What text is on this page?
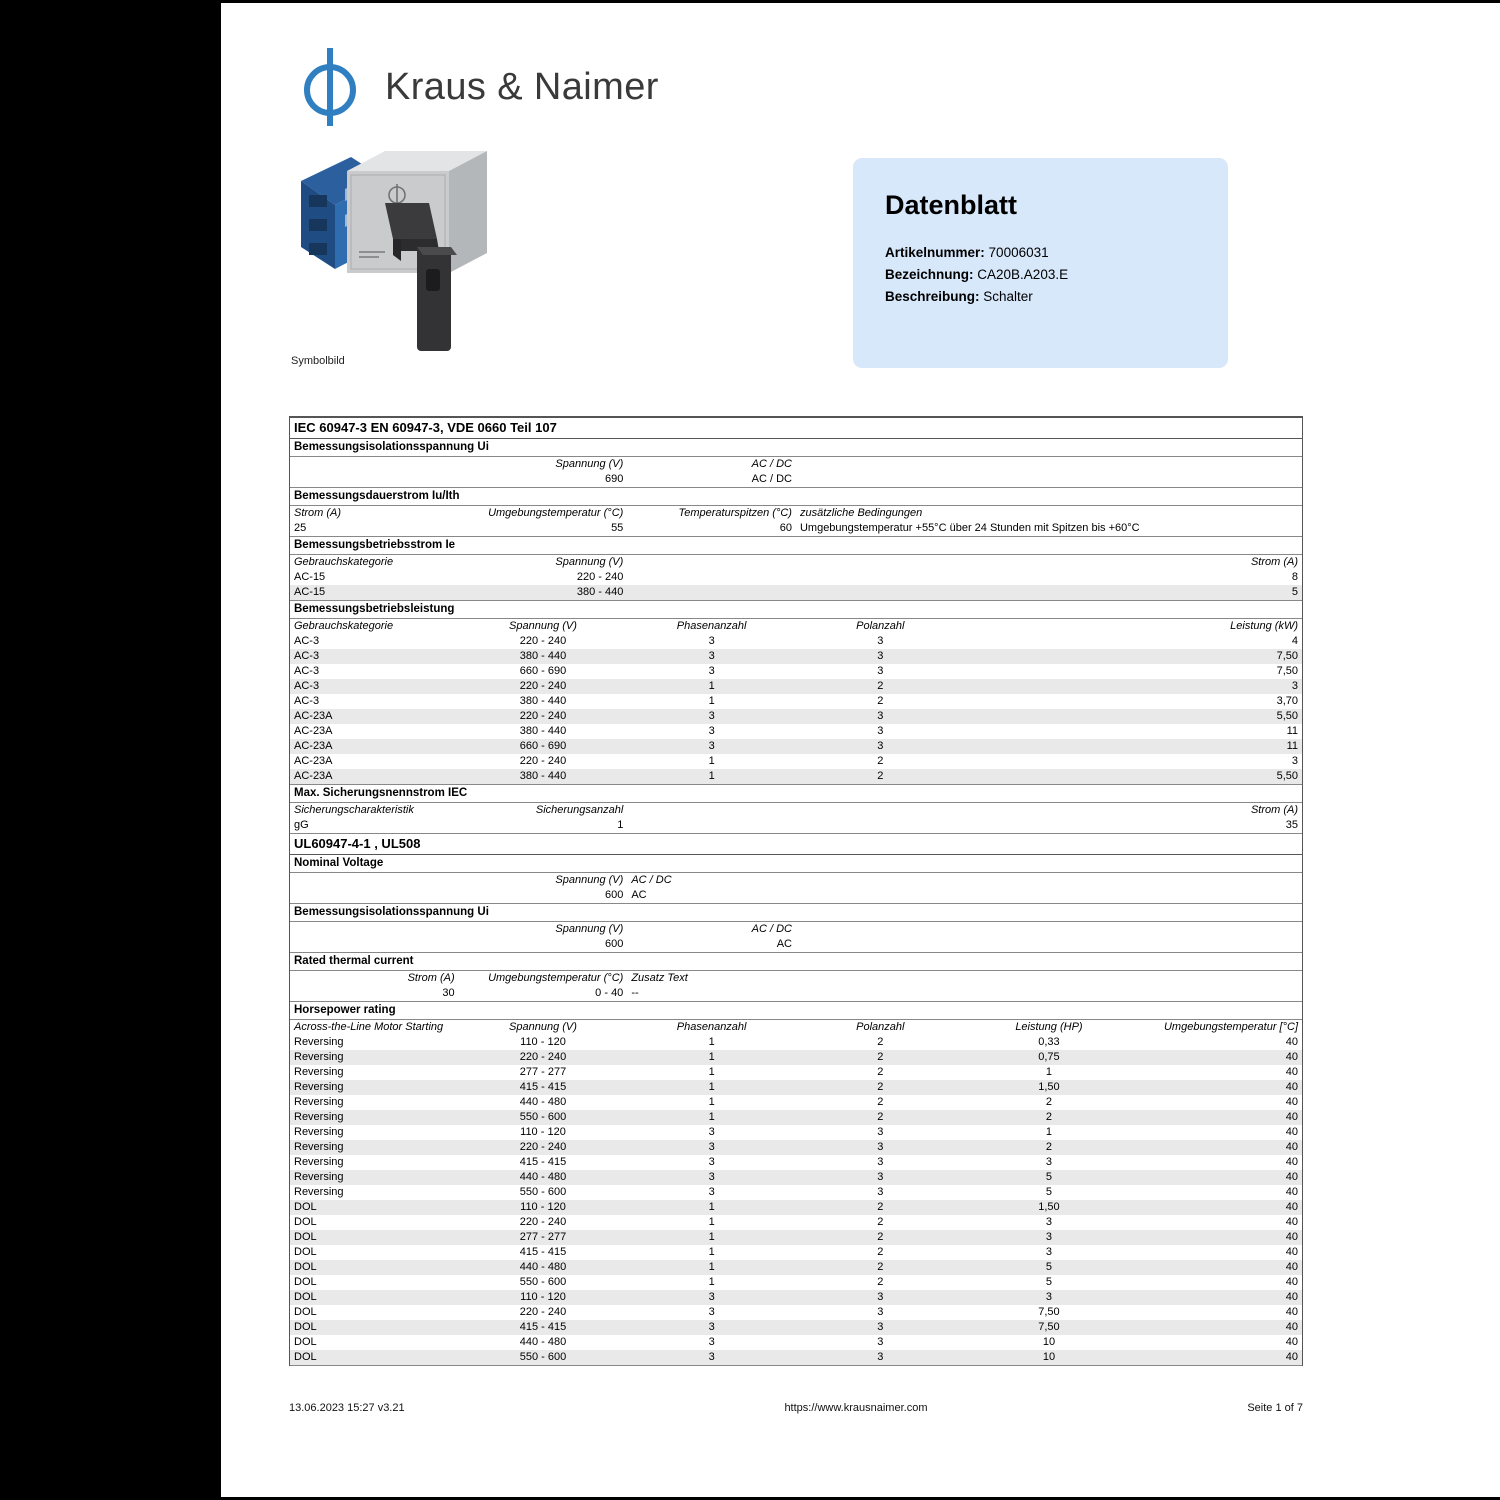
Kraus & Naimer
Symbolbild
Datenblatt
Artikelnummer: 70006031
Bezeichnung: CA20B.A203.E
Beschreibung: Schalter
IEC 60947-3 EN 60947-3, VDE 0660 Teil 107					
Bemessungsisolationsspannung Ui					
	Spannung (V)	AC / DC			
	690	AC / DC			

Bemessungsdauerstrom Iu/Ith					
Strom (A)	Umgebungstemperatur (°C)	Temperaturspitzen (°C)	zusätzliche Bedingungen		
25	55	60	Umgebungstemperatur +55°C über 24 Stunden mit Spitzen bis +60°C		

Bemessungsbetriebsstrom Ie					
Gebrauchskategorie	Spannung (V)	Strom (A)			
AC-15	220 - 240	8			
AC-15	380 - 440	5			

Bemessungsbetriebsleistung					
Gebrauchskategorie	Spannung (V)	Phasenanzahl	Polanzahl	Leistung (kW)	
AC-3	220 - 240	3	3	4	
AC-3	380 - 440	3	3	7,50	
AC-3	660 - 690	3	3	7,50	
AC-3	220 - 240	1	2	3	
AC-3	380 - 440	1	2	3,70	
AC-23A	220 - 240	3	3	5,50	
AC-23A	380 - 440	3	3	11	
AC-23A	660 - 690	3	3	11	
AC-23A	220 - 240	1	2	3	
AC-23A	380 - 440	1	2	5,50	

Max. Sicherungsnennstrom IEC					
Sicherungscharakteristik	Sicherungsanzahl	Strom (A)			
gG	1	35			

UL60947-4-1 , UL508					
Nominal Voltage					
	Spannung (V)	AC / DC			
	600	AC			

Bemessungsisolationsspannung Ui					
	Spannung (V)	AC / DC			
	600	AC			

Rated thermal current					
Strom (A)	Umgebungstemperatur (°C)	Zusatz Text			
30	0 - 40	--			

Horsepower rating					
Across-the-Line Motor Starting	Spannung (V)	Phasenanzahl	Polanzahl	Leistung (HP)	Umgebungstemperatur [°C]
Reversing	110 - 120	1	2	0,33	40
Reversing	220 - 240	1	2	0,75	40
Reversing	277 - 277	1	2	1	40
Reversing	415 - 415	1	2	1,50	40
Reversing	440 - 480	1	2	2	40
Reversing	550 - 600	1	2	2	40
Reversing	110 - 120	3	3	1	40
Reversing	220 - 240	3	3	2	40
Reversing	415 - 415	3	3	3	40
Reversing	440 - 480	3	3	5	40
Reversing	550 - 600	3	3	5	40
DOL	110 - 120	1	2	1,50	40
DOL	220 - 240	1	2	3	40
DOL	277 - 277	1	2	3	40
DOL	415 - 415	1	2	3	40
DOL	440 - 480	1	2	5	40
DOL	550 - 600	1	2	5	40
DOL	110 - 120	3	3	3	40
DOL	220 - 240	3	3	7,50	40
DOL	415 - 415	3	3	7,50	40
DOL	440 - 480	3	3	10	40
DOL	550 - 600	3	3	10	40

13.06.2023 15:27 v3.21	https://www.krausnaimer.com	Seite 1 of 7
